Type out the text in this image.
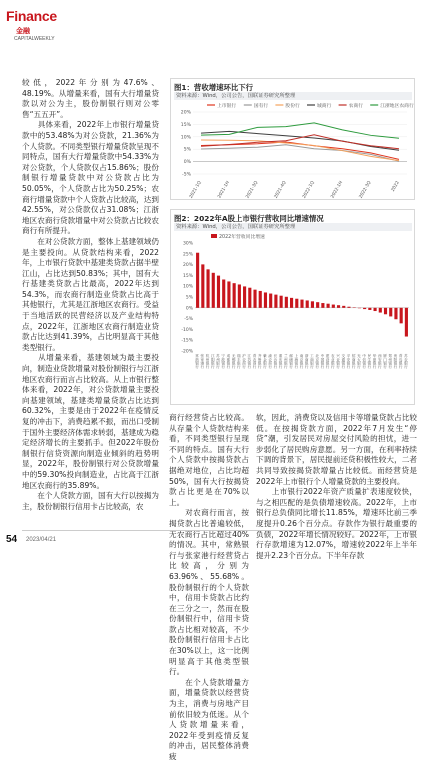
Finance
金融
CAPITALWEEKLY
较低，2022年分别为47.6%、48.19%。从增量来看，国有大行增量贷款以对公为主，股份制银行则对公零售“五五开”。
　　具体来看，2022年上市银行增量贷款中的53.48%为对公贷款，21.36%为个人贷款。不同类型银行增量贷款呈现不同特点，国有大行增量贷款中54.33%为对公贷款，个人贷款仅占15.86%；股份制银行增量贷款中对公贷款占比为50.05%，个人贷款占比为50.25%；农商行增量贷款中个人贷款占比较高，达到42.55%，对公贷款仅占31.08%；江浙地区农商行贷款增量中对公贷款占比较农商行有所提升。
　　在对公贷款方面，整体上基建领域仍是主要投向。从贷款结构来看，2022年，上市银行贷款中基建类贷款占据半壁江山，占比达到50.83%；其中，国有大行基建类贷款占比最高，2022年达到54.3%，而农商行制造业贷款占比高于其他银行，尤其是江浙地区农商行。受益于当地活跃的民营经济以及产业结构特点，2022年，江浙地区农商行制造业贷款占比达到41.39%，占比明显高于其他类型银行。
　　从增量来看，基建领域为最主要投向，制造业贷款增量对股份制银行与江浙地区农商行而言占比较高。从上市银行整体来看，2022年，对公贷款增量主要投向基建领域，基建类增量贷款占比达到60.32%，主要是由于2022年在疫情反复的冲击下，消费趋累不振，而出口受制于国外主要经济体需求转弱，基建成为稳定经济增长的主要抓手。但2022年股份制银行信贷资源向制造业倾斜的趋势明显，2022年，股份制银行对公贷款增量中的59.30%投向制造业，占比高于江浙地区农商行的35.89%。
　　在个人贷款方面，国有大行以按揭为主，股份制银行信用卡占比较高，农
图1：营收增速环比下行
资料来源：Wind，公司公告，国联证券研究所整理
上市银行	国有行	股份行	城商行	农商行	江浙地区农商行
20%
15%
10%
5%
0%
-5%
2021-1Q	2021-1H	2021-3Q	2021-4Q	2022-1Q	2022-1H	2022-3Q	2022
图2：2022年A股上市银行营收同比增速情况
资料来源：Wind，公司公告，国联证券研究所整理
2022年营收同比增速
30%
25%
20%
15%
10%
5%
0%
-5%
-10%
-15%
-20%
常熟银行 张家港行 杭州银行 江阴银行 苏州银行 宁波银行 成都银行 无锡银行 瑞丰银行 沪农商行 江苏银行 青农商行 齐鲁银行 紫金银行 渝农商行 长沙银行 重庆银行 兰州银行 邮储银行 上海银行 南京银行 浙商银行 工商银行 北京银行 中国银行 建设银行 农业银行 兴业银行 交通银行 平安银行 招商银行 光大银行 中信银行 民生银行 华夏银行 西安银行 厦门银行 郑州银行 贵阳银行 青岛银行 苏农银行
商行经营贷占比较高。从存量个人贷款结构来看，不同类型银行呈现不同的特点。国有大行个人贷款中按揭贷款占据绝对地位，占比均超50%，国有大行按揭贷款占比更是在70%以上。
　　对农商行而言，按揭贷款占比普遍较低，无农商行占比超过40%的情况。其中，常熟银行与张家港行经营贷占比较高，分别为63.96%、55.68%。股份制银行的个人贷款中，信用卡贷款占比约在三分之一，然而在股份制银行中，信用卡贷款占比相对较高，不少股份制银行信用卡占比在30%以上，这一比例明显高于其他类型银行。
　　在个人贷款增量方面，增量贷款以经营贷为主，消费与房地产目前依旧较为低迷。从个人贷款增量来看，2022年受到疫情反复的冲击，居民整体消费疲
软，因此，消费贷以及信用卡等增量贷款占比较低。在按揭贷款方面，2022年7月发生“停贷”潮，引发居民对房屋交付风险的担忧，进一步弱化了居民购房意愿。另一方面，在利率持续下调的背景下，居民提前还贷积极性较大，二者共同导致按揭贷款增量占比较低。而经营贷是2022年上市银行个人增量贷款的主要投向。
　　上市银行2022年资产质量扩表速度较快，与之相匹配的是负债增速较高。2022年，上市银行总负债同比增长11.85%，增速环比前三季度提升0.26个百分点。存款作为银行最重要的负债，2022年增长情况较好。2022年，上市银行存款增速为12.07%，增速较2022年上半年提升2.23个百分点。下半年存款
54 2023/04/21
